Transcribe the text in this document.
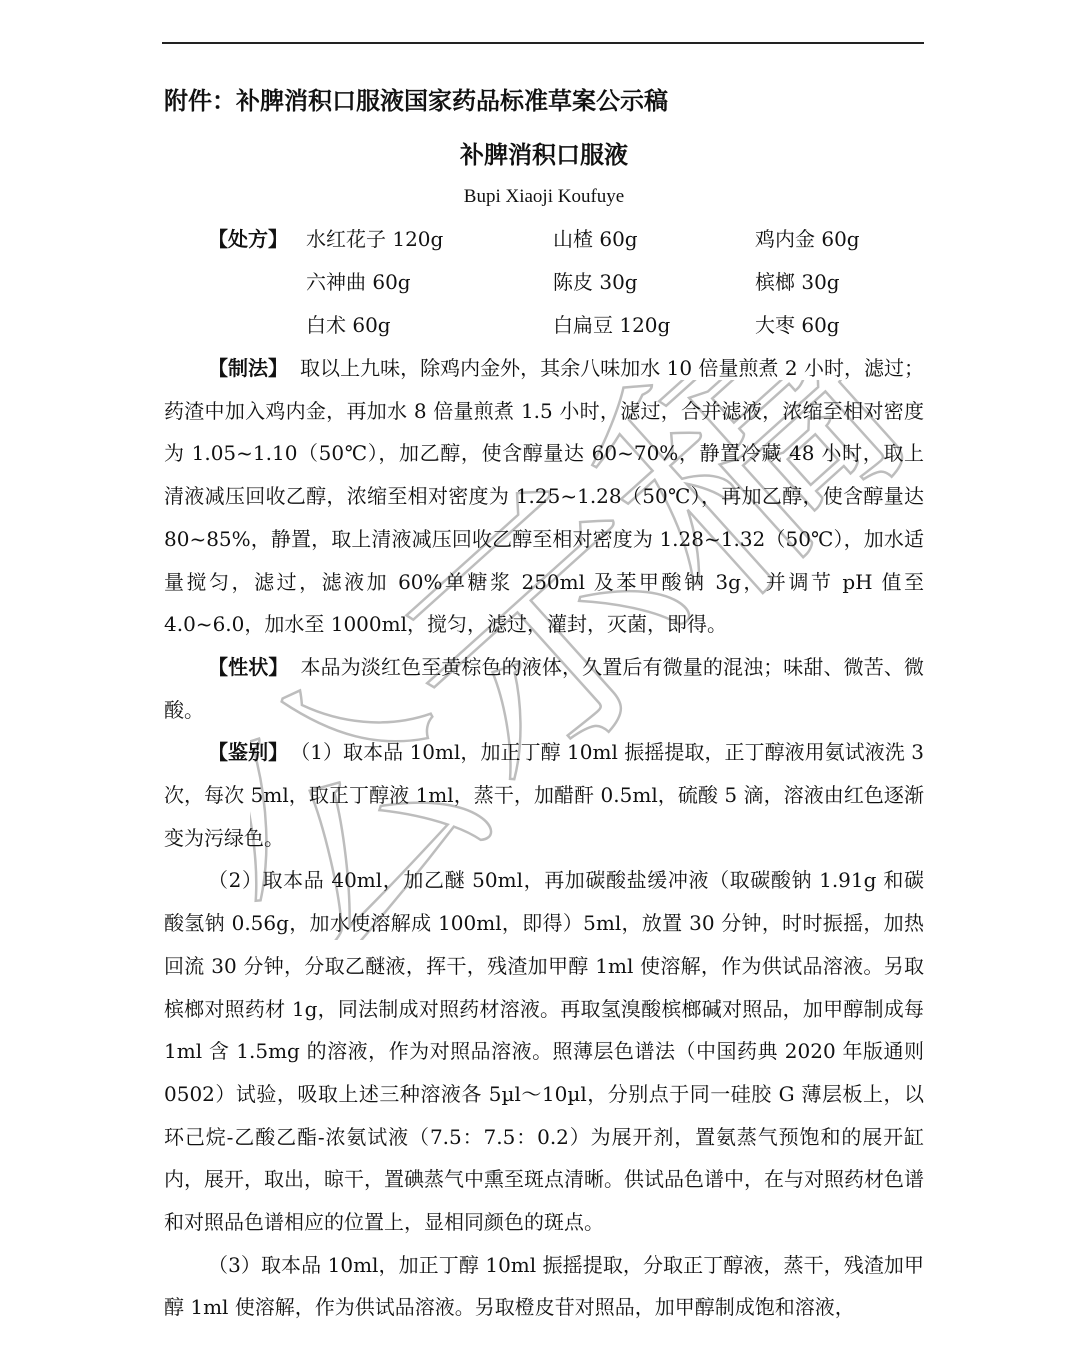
公示稿
附件：补脾消积口服液国家药品标准草案公示稿
补脾消积口服液
Bupi Xiaoji Koufuye
【处方】 水红花子 120g	山楂 60g	鸡内金 60g
六神曲 60g	陈皮 30g	槟榔 30g
白术 60g	白扁豆 120g	大枣 60g

【制法】 取以上九味，除鸡内金外，其余八味加水 10 倍量煎煮 2 小时，滤过；药渣中加入鸡内金，再加水 8 倍量煎煮 1.5 小时，滤过，合并滤液，浓缩至相对密度为 1.05~1.10（50℃），加乙醇，使含醇量达 60~70%，静置冷藏 48 小时，取上清液减压回收乙醇，浓缩至相对密度为 1.25~1.28（50℃），再加乙醇，使含醇量达 80~85%，静置，取上清液减压回收乙醇至相对密度为 1.28~1.32（50℃），加水适量搅匀，滤过，滤液加 60%单糖浆 250ml 及苯甲酸钠 3g，并调节 pH 值至 4.0~6.0，加水至 1000ml，搅匀，滤过，灌封，灭菌，即得。

【性状】 本品为淡红色至黄棕色的液体，久置后有微量的混浊；味甜、微苦、微酸。

【鉴别】 （1）取本品 10ml，加正丁醇 10ml 振摇提取，正丁醇液用氨试液洗 3 次，每次 5ml，取正丁醇液 1ml，蒸干，加醋酐 0.5ml，硫酸 5 滴，溶液由红色逐渐变为污绿色。

（2）取本品 40ml，加乙醚 50ml，再加碳酸盐缓冲液（取碳酸钠 1.91g 和碳酸氢钠 0.56g，加水使溶解成 100ml，即得）5ml，放置 30 分钟，时时振摇，加热回流 30 分钟，分取乙醚液，挥干，残渣加甲醇 1ml 使溶解，作为供试品溶液。另取槟榔对照药材 1g，同法制成对照药材溶液。再取氢溴酸槟榔碱对照品，加甲醇制成每 1ml 含 1.5mg 的溶液，作为对照品溶液。照薄层色谱法（中国药典 2020 年版通则 0502）试验，吸取上述三种溶液各 5µl～10µl，分别点于同一硅胶 G 薄层板上，以环己烷-乙酸乙酯-浓氨试液（7.5：7.5：0.2）为展开剂，置氨蒸气预饱和的展开缸内，展开，取出，晾干，置碘蒸气中熏至斑点清晰。供试品色谱中，在与对照药材色谱和对照品色谱相应的位置上，显相同颜色的斑点。

（3）取本品 10ml，加正丁醇 10ml 振摇提取，分取正丁醇液，蒸干，残渣加甲醇 1ml 使溶解，作为供试品溶液。另取橙皮苷对照品，加甲醇制成饱和溶液，
